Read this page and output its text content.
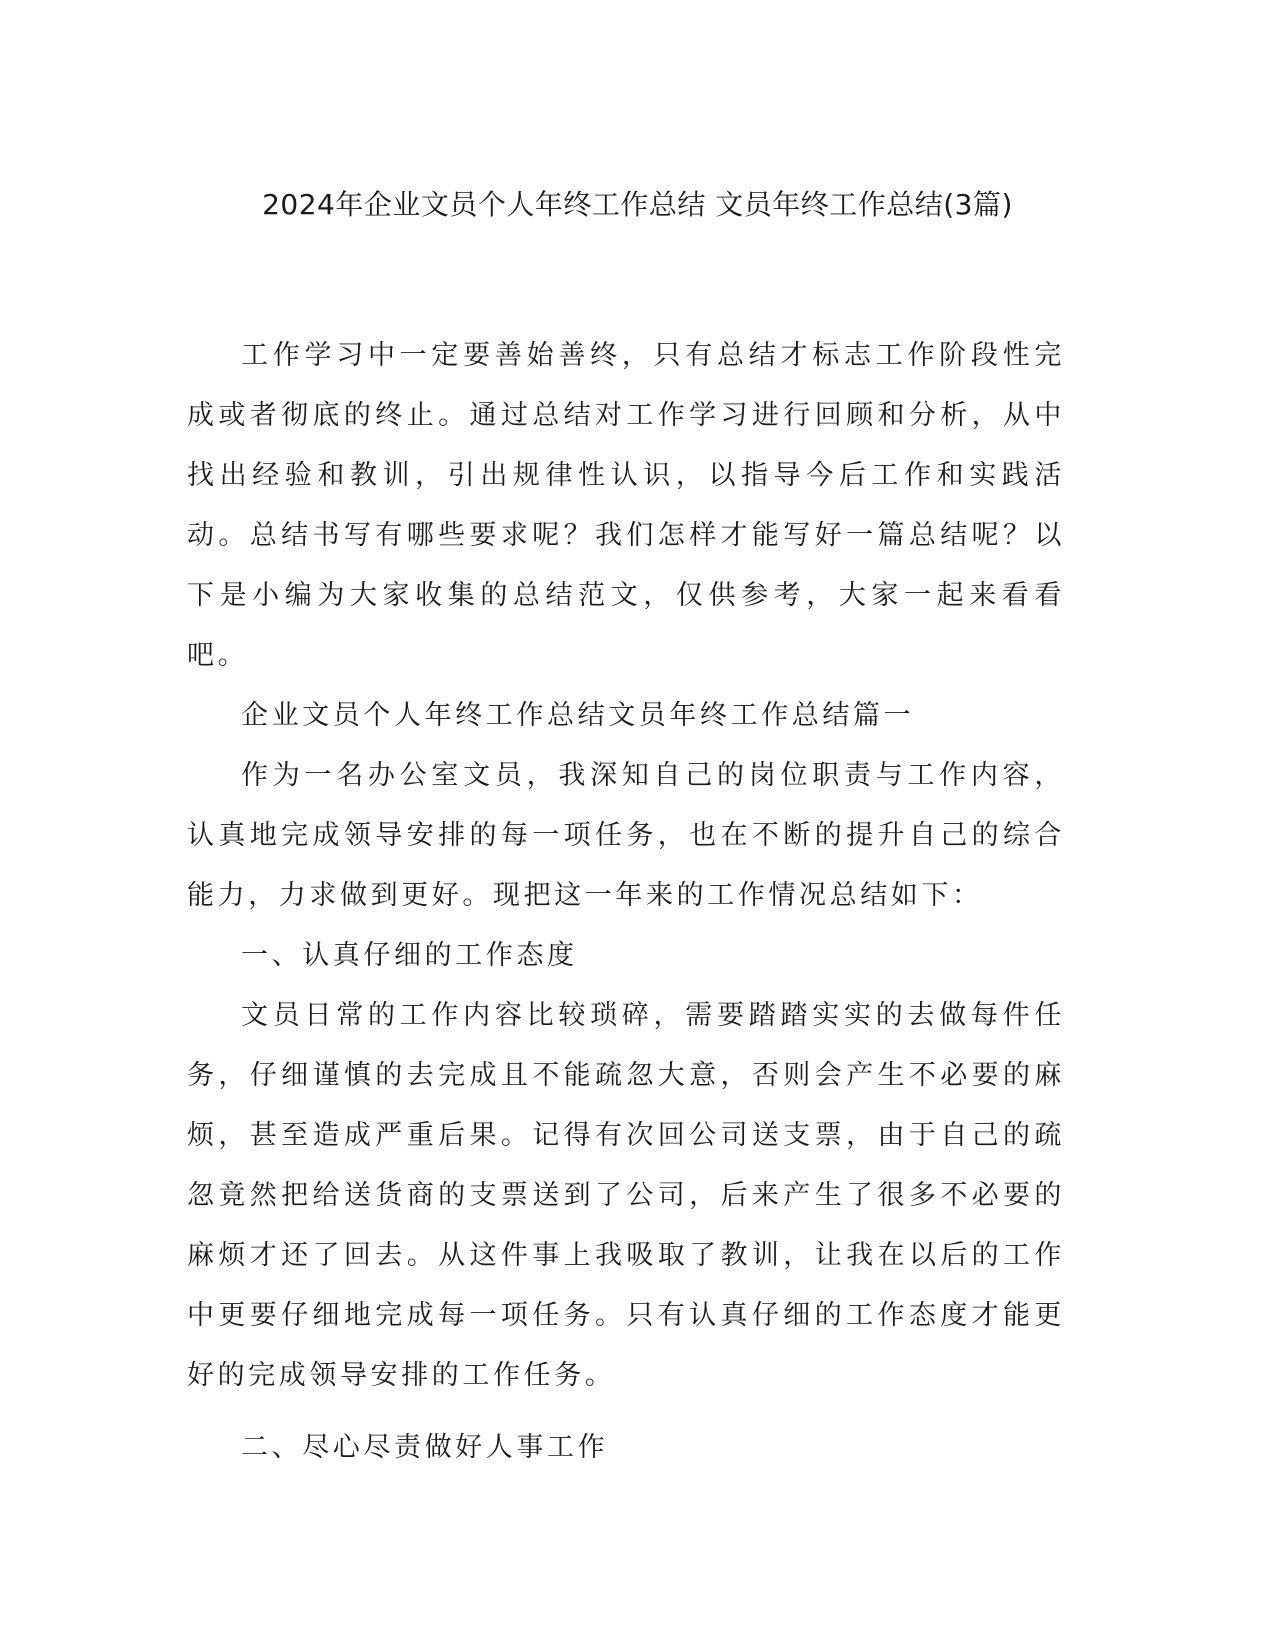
2024年企业文员个人年终工作总结 文员年终工作总结(3篇)

工作学习中一定要善始善终，只有总结才标志工作阶段性完成或者彻底的终止。通过总结对工作学习进行回顾和分析，从中找出经验和教训，引出规律性认识，以指导今后工作和实践活动。总结书写有哪些要求呢？我们怎样才能写好一篇总结呢？以下是小编为大家收集的总结范文，仅供参考，大家一起来看看吧。

企业文员个人年终工作总结文员年终工作总结篇一

作为一名办公室文员，我深知自己的岗位职责与工作内容，认真地完成领导安排的每一项任务，也在不断的提升自己的综合能力，力求做到更好。现把这一年来的工作情况总结如下：

一、认真仔细的工作态度

文员日常的工作内容比较琐碎，需要踏踏实实的去做每件任务，仔细谨慎的去完成且不能疏忽大意，否则会产生不必要的麻烦，甚至造成严重后果。记得有次回公司送支票，由于自己的疏忽竟然把给送货商的支票送到了公司，后来产生了很多不必要的麻烦才还了回去。从这件事上我吸取了教训，让我在以后的工作中更要仔细地完成每一项任务。只有认真仔细的工作态度才能更好的完成领导安排的工作任务。

二、尽心尽责做好人事工作
